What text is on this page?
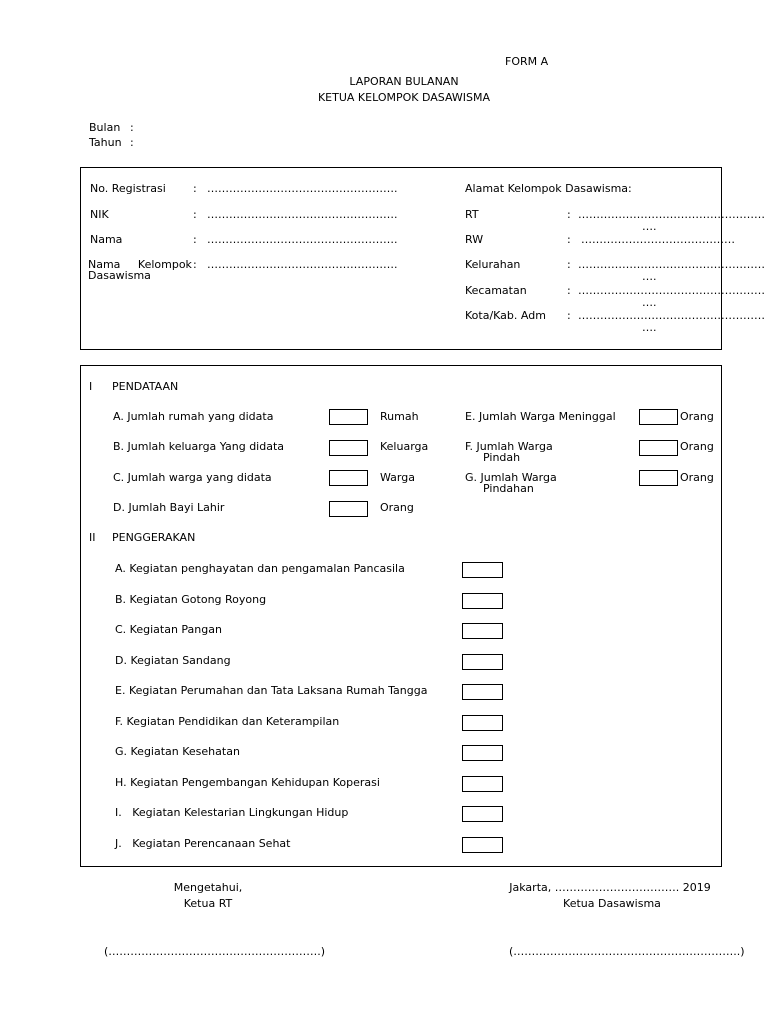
FORM A
LAPORAN BULANAN
KETUA KELOMPOK DASAWISMA
Bulan :
Tahun :
No. Registrasi : …………………………………………….
NIK	: …………………………………………….
Nama	: …………………………………………….
Nama     Kelompok : …………………………………………….
Dasawisma
Alamat Kelompok Dasawisma:
RT	: ……………………………………………
….
RW	: ……………………………………
Kelurahan	: ……………………………………………
….
Kecamatan	: ……………………………………………
….
Kota/Kab. Adm : ……………………………………………
….
I PENDATAAN
A. Jumlah rumah yang didata	Rumah
B. Jumlah keluarga Yang didata	Keluarga
C. Jumlah warga yang didata	Warga
D. Jumlah Bayi Lahir	Orang
E. Jumlah Warga Meninggal	Orang
F. Jumlah Warga
Pindah
Orang
G. Jumlah Warga
Pindahan
Orang
II PENGGERAKAN
A. Kegiatan penghayatan dan pengamalan Pancasila
B. Kegiatan Gotong Royong
C. Kegiatan Pangan
D. Kegiatan Sandang
E. Kegiatan Perumahan dan Tata Laksana Rumah Tangga
F. Kegiatan Pendidikan dan Keterampilan
G. Kegiatan Kesehatan
H. Kegiatan Pengembangan Kehidupan Koperasi
I.   Kegiatan Kelestarian Lingkungan Hidup
J.   Kegiatan Perencanaan Sehat
Mengetahui,
Ketua RT
(………………………………………………….)
Jakarta, ……………………………. 2019
Ketua Dasawisma
(……………………………………………………..)
